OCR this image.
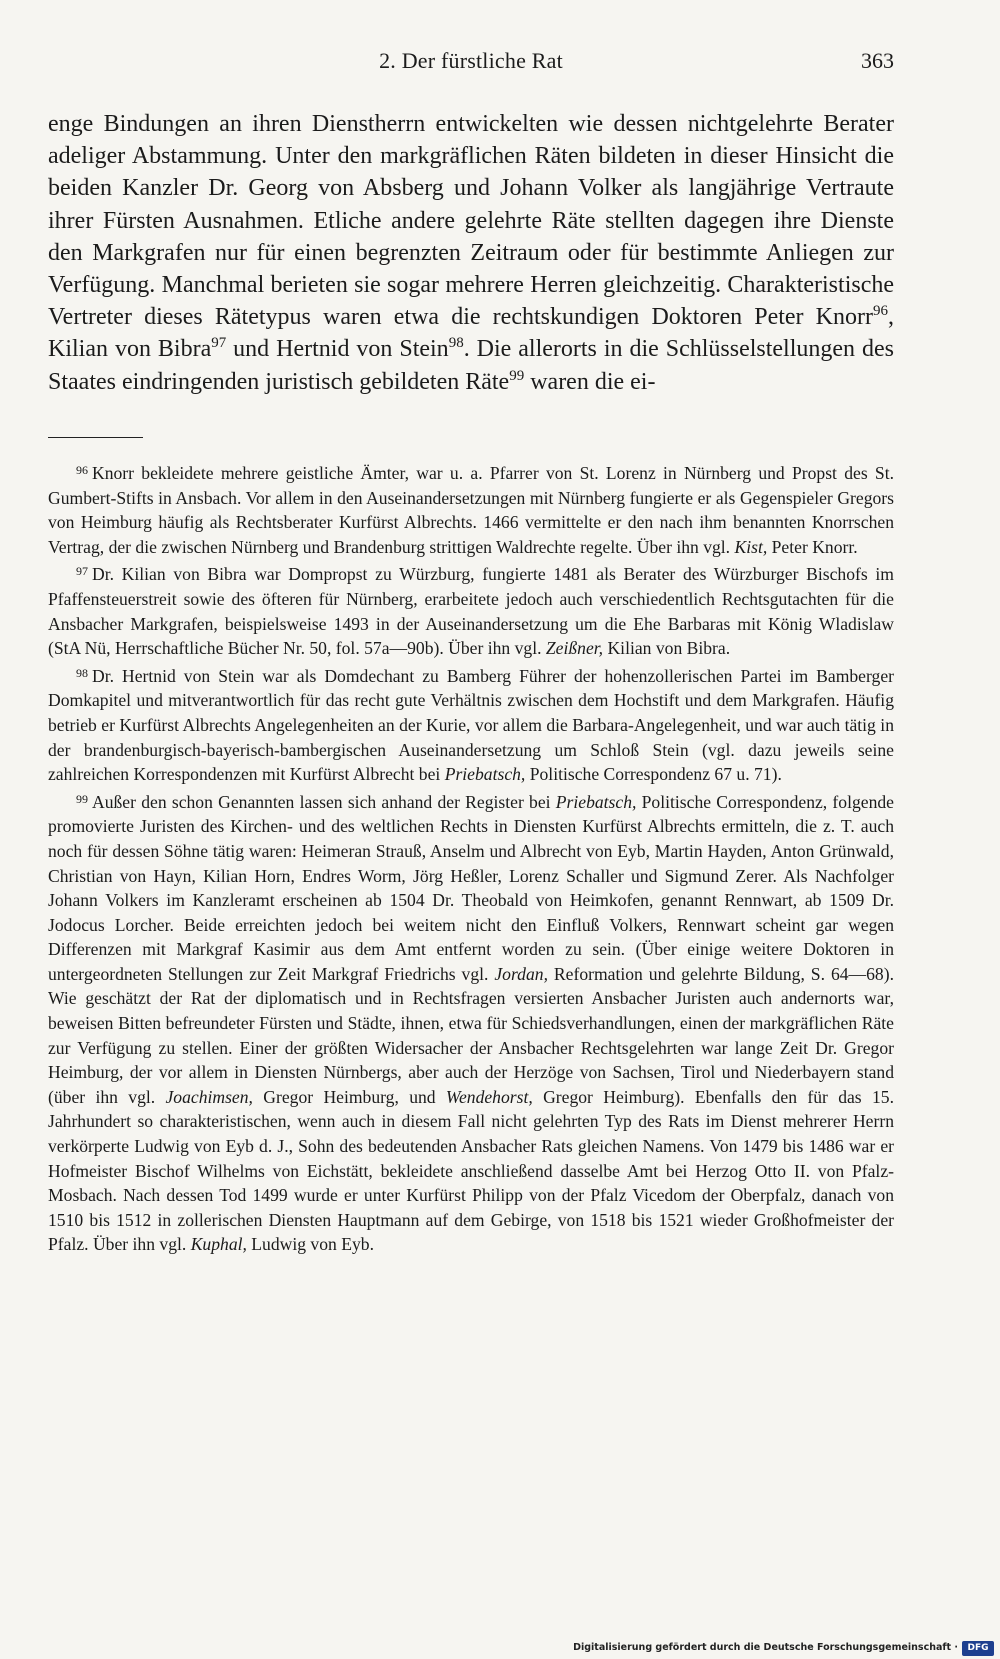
2. Der fürstliche Rat	363

enge Bindungen an ihren Dienstherrn entwickelten wie dessen nichtgelehrte Berater adeliger Abstammung. Unter den markgräflichen Räten bildeten in dieser Hinsicht die beiden Kanzler Dr. Georg von Absberg und Johann Volker als langjährige Vertraute ihrer Fürsten Ausnahmen. Etliche andere gelehrte Räte stellten dagegen ihre Dienste den Markgrafen nur für einen begrenzten Zeitraum oder für bestimmte Anliegen zur Verfügung. Manchmal berieten sie sogar mehrere Herren gleichzeitig. Charakteristische Vertreter dieses Rätetypus waren etwa die rechtskundigen Doktoren Peter Knorr$^{96}$, Kilian von Bibra$^{97}$ und Hertnid von Stein$^{98}$. Die allerorts in die Schlüsselstellungen des Staates eindringenden juristisch gebildeten Räte$^{99}$ waren die ei-

$^{96}$ Knorr bekleidete mehrere geistliche Ämter, war u. a. Pfarrer von St. Lorenz in Nürnberg und Propst des St. Gumbert-Stifts in Ansbach. Vor allem in den Auseinandersetzungen mit Nürnberg fungierte er als Gegenspieler Gregors von Heimburg häufig als Rechtsberater Kurfürst Albrechts. 1466 vermittelte er den nach ihm benannten Knorrschen Vertrag, der die zwischen Nürnberg und Brandenburg strittigen Waldrechte regelte. Über ihn vgl. Kist, Peter Knorr.

$^{97}$ Dr. Kilian von Bibra war Dompropst zu Würzburg, fungierte 1481 als Berater des Würzburger Bischofs im Pfaffensteuerstreit sowie des öfteren für Nürnberg, erarbeitete jedoch auch verschiedentlich Rechtsgutachten für die Ansbacher Markgrafen, beispielsweise 1493 in der Auseinandersetzung um die Ehe Barbaras mit König Wladislaw (StA Nü, Herrschaftliche Bücher Nr. 50, fol. 57a—90b). Über ihn vgl. Zeißner, Kilian von Bibra.

$^{98}$ Dr. Hertnid von Stein war als Domdechant zu Bamberg Führer der hohenzollerischen Partei im Bamberger Domkapitel und mitverantwortlich für das recht gute Verhältnis zwischen dem Hochstift und dem Markgrafen. Häufig betrieb er Kurfürst Albrechts Angelegenheiten an der Kurie, vor allem die Barbara-Angelegenheit, und war auch tätig in der brandenburgisch-bayerisch-bambergischen Auseinandersetzung um Schloß Stein (vgl. dazu jeweils seine zahlreichen Korrespondenzen mit Kurfürst Albrecht bei Priebatsch, Politische Correspondenz 67 u. 71).

$^{99}$ Außer den schon Genannten lassen sich anhand der Register bei Priebatsch, Politische Correspondenz, folgende promovierte Juristen des Kirchen- und des weltlichen Rechts in Diensten Kurfürst Albrechts ermitteln, die z. T. auch noch für dessen Söhne tätig waren: Heimeran Strauß, Anselm und Albrecht von Eyb, Martin Hayden, Anton Grünwald, Christian von Hayn, Kilian Horn, Endres Worm, Jörg Heßler, Lorenz Schaller und Sigmund Zerer. Als Nachfolger Johann Volkers im Kanzleramt erscheinen ab 1504 Dr. Theobald von Heimkofen, genannt Rennwart, ab 1509 Dr. Jodocus Lorcher. Beide erreichten jedoch bei weitem nicht den Einfluß Volkers, Rennwart scheint gar wegen Differenzen mit Markgraf Kasimir aus dem Amt entfernt worden zu sein. (Über einige weitere Doktoren in untergeordneten Stellungen zur Zeit Markgraf Friedrichs vgl. Jordan, Reformation und gelehrte Bildung, S. 64—68). Wie geschätzt der Rat der diplomatisch und in Rechtsfragen versierten Ansbacher Juristen auch andernorts war, beweisen Bitten befreundeter Fürsten und Städte, ihnen, etwa für Schiedsverhandlungen, einen der markgräflichen Räte zur Verfügung zu stellen. Einer der größten Widersacher der Ansbacher Rechtsgelehrten war lange Zeit Dr. Gregor Heimburg, der vor allem in Diensten Nürnbergs, aber auch der Herzöge von Sachsen, Tirol und Niederbayern stand (über ihn vgl. Joachimsen, Gregor Heimburg, und Wendehorst, Gregor Heimburg). Ebenfalls den für das 15. Jahrhundert so charakteristischen, wenn auch in diesem Fall nicht gelehrten Typ des Rats im Dienst mehrerer Herrn verkörperte Ludwig von Eyb d. J., Sohn des bedeutenden Ansbacher Rats gleichen Namens. Von 1479 bis 1486 war er Hofmeister Bischof Wilhelms von Eichstätt, bekleidete anschließend dasselbe Amt bei Herzog Otto II. von Pfalz-Mosbach. Nach dessen Tod 1499 wurde er unter Kurfürst Philipp von der Pfalz Vicedom der Oberpfalz, danach von 1510 bis 1512 in zollerischen Diensten Hauptmann auf dem Gebirge, von 1518 bis 1521 wieder Großhofmeister der Pfalz. Über ihn vgl. Kuphal, Ludwig von Eyb.

Digitalisierung gefördert durch die Deutsche Forschungsgemeinschaft ·	DFG
